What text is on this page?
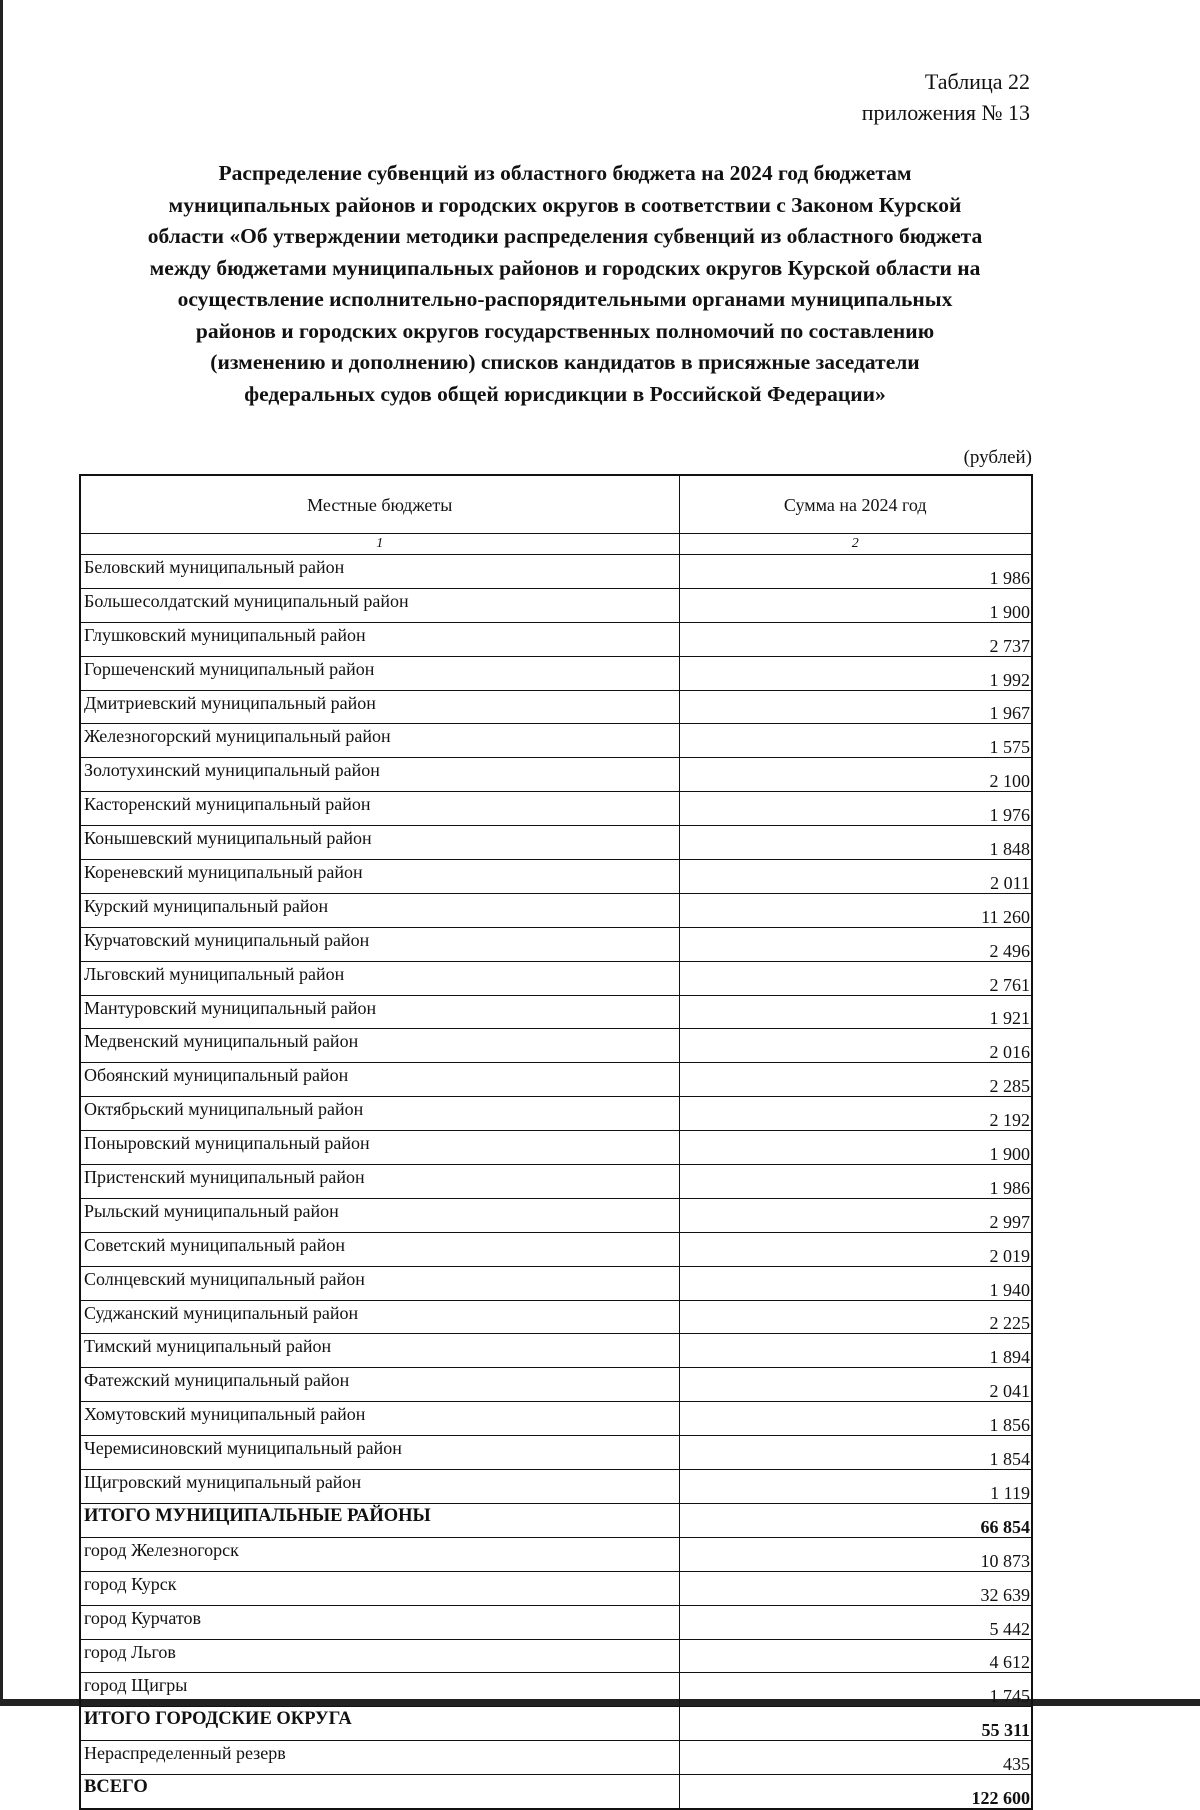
Таблица 22
приложения № 13
Распределение субвенций из областного бюджета на 2024 год бюджетам
муниципальных районов и городских округов в соответствии с Законом Курской
области «Об утверждении методики распределения субвенций из областного бюджета
между бюджетами муниципальных районов и городских округов Курской области на
осуществление исполнительно-распорядительными органами муниципальных
районов и городских округов государственных полномочий по составлению
(изменению и дополнению) списков кандидатов в присяжные заседатели
федеральных судов общей юрисдикции в Российской Федерации»
(рублей)
Местные бюджеты	Сумма на 2024 год
1	2
Беловский муниципальный район	1 986
Большесолдатский муниципальный район	1 900
Глушковский муниципальный район	2 737
Горшеченский муниципальный район	1 992
Дмитриевский муниципальный район	1 967
Железногорский муниципальный район	1 575
Золотухинский муниципальный район	2 100
Касторенский муниципальный район	1 976
Конышевский муниципальный район	1 848
Кореневский муниципальный район	2 011
Курский муниципальный район	11 260
Курчатовский муниципальный район	2 496
Льговский муниципальный район	2 761
Мантуровский муниципальный район	1 921
Медвенский муниципальный район	2 016
Обоянский муниципальный район	2 285
Октябрьский муниципальный район	2 192
Поныровский муниципальный район	1 900
Пристенский муниципальный район	1 986
Рыльский муниципальный район	2 997
Советский муниципальный район	2 019
Солнцевский муниципальный район	1 940
Суджанский муниципальный район	2 225
Тимский муниципальный район	1 894
Фатежский муниципальный район	2 041
Хомутовский муниципальный район	1 856
Черемисиновский муниципальный район	1 854
Щигровский муниципальный район	1 119
ИТОГО МУНИЦИПАЛЬНЫЕ РАЙОНЫ	66 854
город Железногорск	10 873
город Курск	32 639
город Курчатов	5 442
город Льгов	4 612
город Щигры	1 745
ИТОГО ГОРОДСКИЕ ОКРУГА	55 311
Нераспределенный резерв	435
ВСЕГО	122 600
